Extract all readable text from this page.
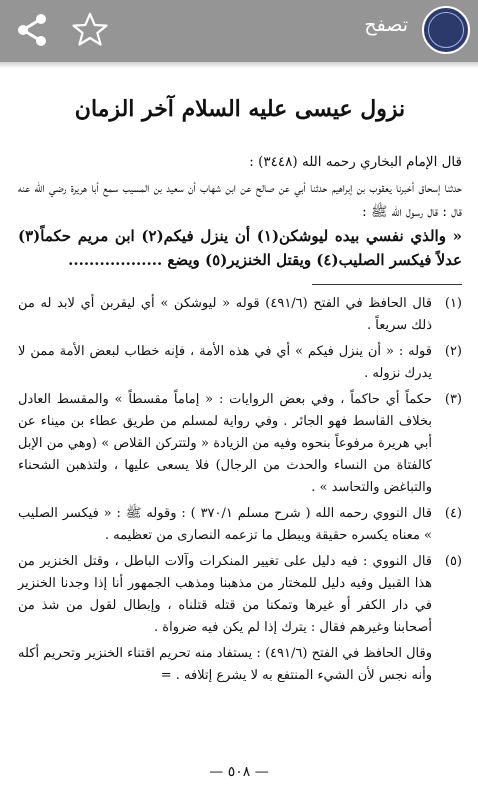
تصفح
نزول عيسى عليه السلام آخر الزمان

قال الإمام البخاري رحمه الله (٣٤٤٨) :

حدثنا إسحاق أخبرنا يعقوب بن إبراهيم حدثنا أبي عن صالح عن ابن شهاب أن سعيد بن المسيب سمع أبا هريرة رضي الله عنه قال : قال رسول الله ﷺ :

« والذي نفسي بيده ليوشكن(١) أن ينزل فيكم(٢) ابن مريم حكماً(٣) عدلاً فيكسر الصليب(٤) ويقتل الخنزير(٥) ويضع ..................

(١)
قال الحافظ في الفتح (٤٩١/٦) قوله « ليوشكن » أي ليقربن أي لابد له من ذلك سريعاً .
(٢)
قوله : « أن ينزل فيكم » أي في هذه الأمة ، فإنه خطاب لبعض الأمة ممن لا يدرك نزوله .
(٣)
حكماً أي حاكماً ، وفي بعض الروايات : « إماماً مقسطاً » والمقسط العادل بخلاف القاسط فهو الجائر . وفي رواية لمسلم من طريق عطاء بن ميناء عن أبي هريرة مرفوعاً بنحوه وفيه من الزيادة « ولتتركن القلاص » (وهي من الإبل كالفتاة من النساء والحدث من الرجال) فلا يسعى عليها ، ولتذهبن الشحناء والتباغض والتحاسد » .
(٤)
قال النووي رحمه الله ( شرح مسلم ٣٧٠/١ ) : وقوله ﷺ : « فيكسر الصليب » معناه يكسره حقيقة ويبطل ما تزعمه النصارى من تعظيمه .
(٥)
قال النووي : فيه دليل على تغيير المنكرات وآلات الباطل ، وقتل الخنزير من هذا القبيل وفيه دليل للمختار من مذهبنا ومذهب الجمهور أنا إذا وجدنا الخنزير في دار الكفر أو غيرها وتمكنا من قتله قتلناه ، وإبطال لقول من شذ من أصحابنا وغيرهم فقال : يترك إذا لم يكن فيه ضرواة .
وقال الحافظ في الفتح (٤٩١/٦) : يستفاد منه تحريم اقتناء الخنزير وتحريم أكله وأنه نجس لأن الشيء المنتفع به لا يشرع إتلافه . =
— ٥٠٨ —
